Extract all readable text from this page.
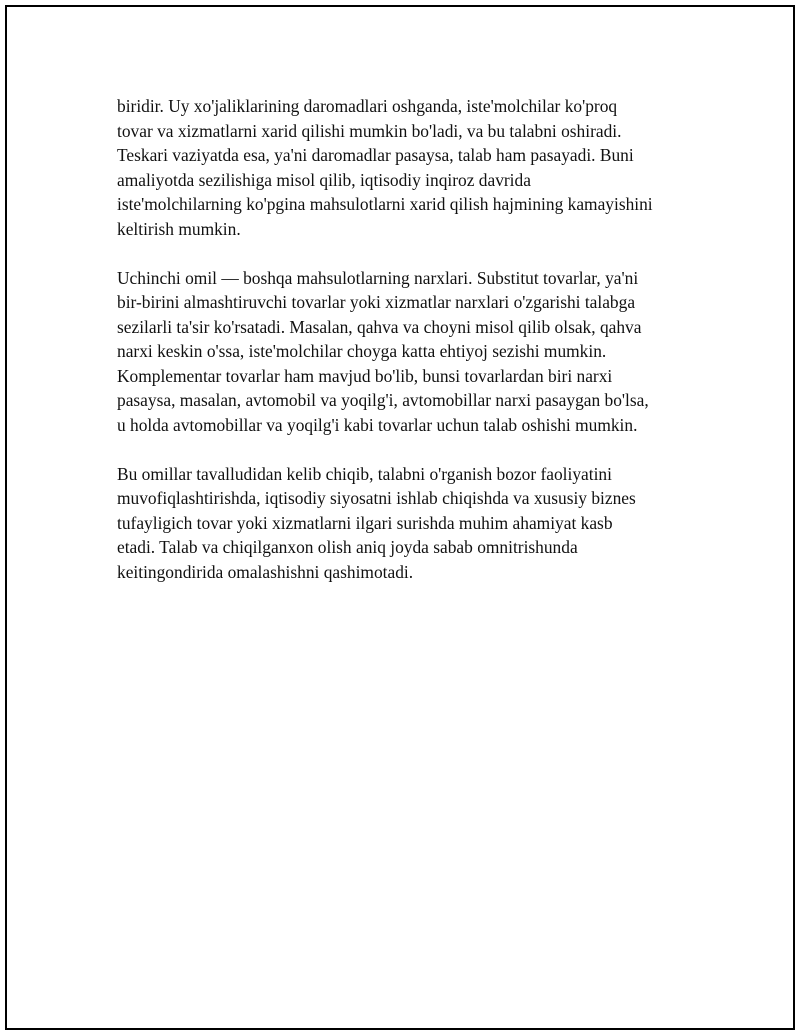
biridir. Uy xo'jaliklarining daromadlari oshganda, iste'molchilar ko'proq
tovar va xizmatlarni xarid qilishi mumkin bo'ladi, va bu talabni oshiradi.
Teskari vaziyatda esa, ya'ni daromadlar pasaysa, talab ham pasayadi. Buni
amaliyotda sezilishiga misol qilib, iqtisodiy inqiroz davrida
iste'molchilarning ko'pgina mahsulotlarni xarid qilish hajmining kamayishini
keltirish mumkin.

Uchinchi omil — boshqa mahsulotlarning narxlari. Substitut tovarlar, ya'ni
bir-birini almashtiruvchi tovarlar yoki xizmatlar narxlari o'zgarishi talabga
sezilarli ta'sir ko'rsatadi. Masalan, qahva va choyni misol qilib olsak, qahva
narxi keskin o'ssa, iste'molchilar choyga katta ehtiyoj sezishi mumkin.
Komplementar tovarlar ham mavjud bo'lib, bunsi tovarlardan biri narxi
pasaysa, masalan, avtomobil va yoqilg'i, avtomobillar narxi pasaygan bo'lsa,
u holda avtomobillar va yoqilg'i kabi tovarlar uchun talab oshishi mumkin.

Bu omillar tavalludidan kelib chiqib, talabni o'rganish bozor faoliyatini
muvofiqlashtirishda, iqtisodiy siyosatni ishlab chiqishda va xususiy biznes
tufayligich tovar yoki xizmatlarni ilgari surishda muhim ahamiyat kasb
etadi. Talab va chiqilganxon olish aniq joyda sabab omnitrishunda
keitingondirida omalashishni qashimotadi.
